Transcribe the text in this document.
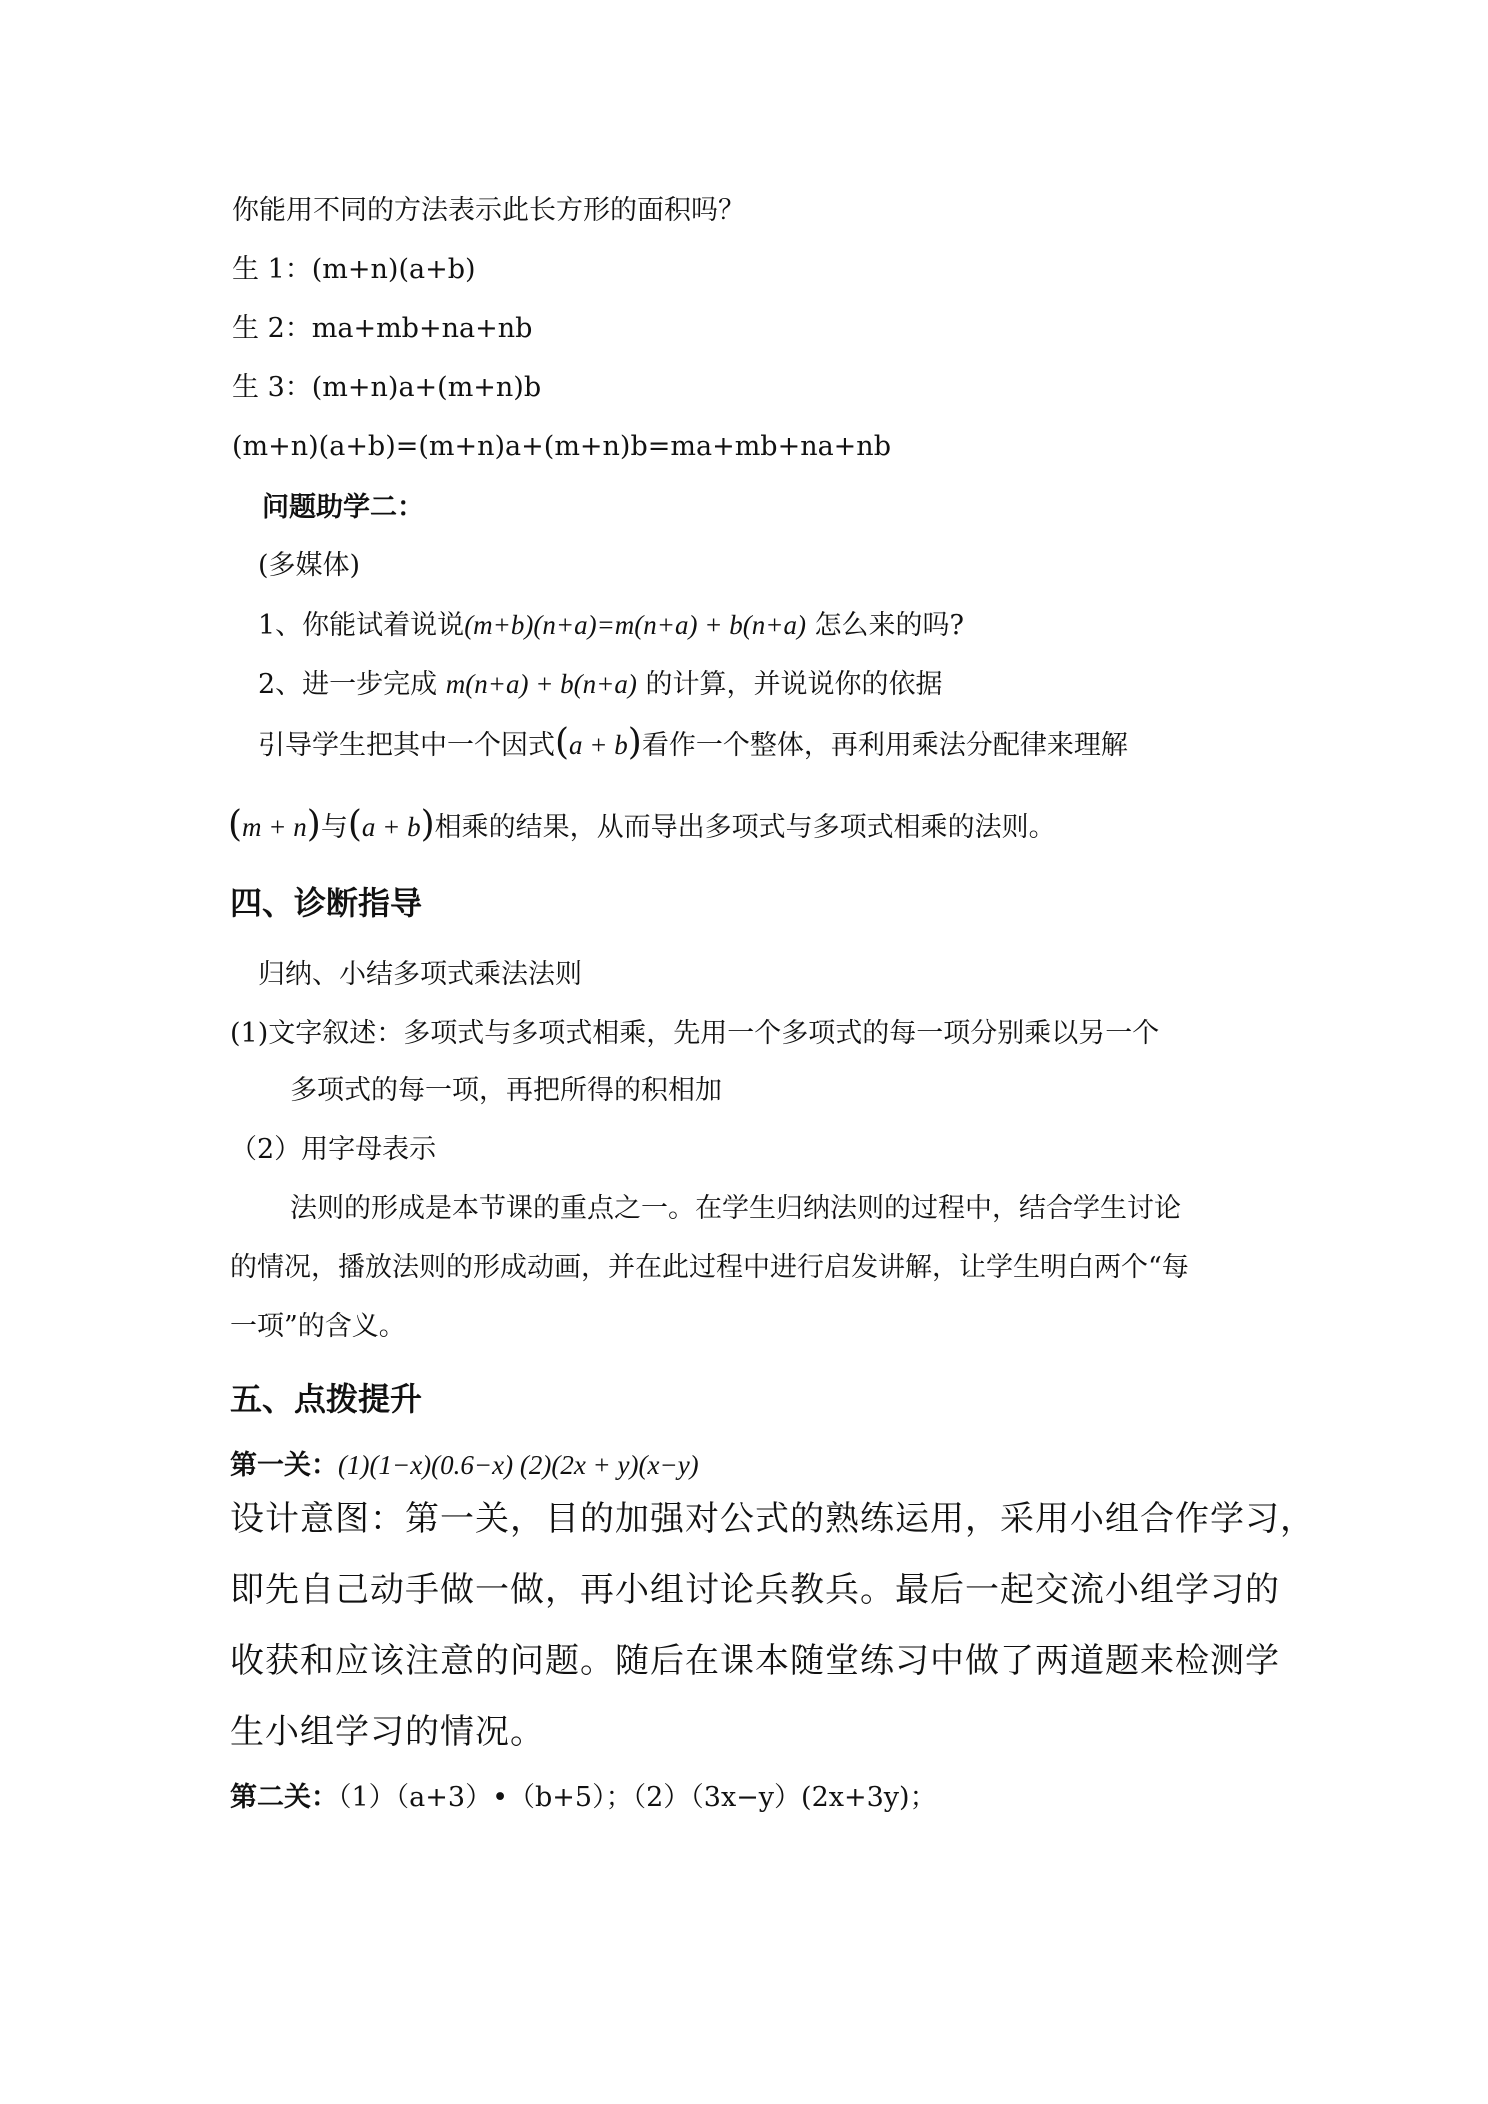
你能用不同的方法表示此长方形的面积吗？
生 1：(m+n)(a+b)
生 2：ma+mb+na+nb
生 3：(m+n)a+(m+n)b
(m+n)(a+b)=(m+n)a+(m+n)b=ma+mb+na+nb
问题助学二：
(多媒体)
1、你能试着说说(m+b)(n+a)=m(n+a) + b(n+a) 怎么来的吗?
2、进一步完成 m(n+a) + b(n+a) 的计算，并说说你的依据
引导学生把其中一个因式(a + b)看作一个整体，再利用乘法分配律来理解
(m + n)与(a + b)相乘的结果，从而导出多项式与多项式相乘的法则。
四、诊断指导
归纳、小结多项式乘法法则
(1)文字叙述：多项式与多项式相乘，先用一个多项式的每一项分别乘以另一个
多项式的每一项，再把所得的积相加
（2）用字母表示
法则的形成是本节课的重点之一。在学生归纳法则的过程中，结合学生讨论
的情况，播放法则的形成动画，并在此过程中进行启发讲解，让学生明白两个“每
一项”的含义。
五、点拨提升
第一关：(1)(1−x)(0.6−x) (2)(2x + y)(x−y)
设计意图：第一关，目的加强对公式的熟练运用，采用小组合作学习，
即先自己动手做一做，再小组讨论兵教兵。最后一起交流小组学习的
收获和应该注意的问题。随后在课本随堂练习中做了两道题来检测学
生小组学习的情况。
第二关：（1）（a+3）•（b+5）；（2）（3x−y）(2x+3y)；
